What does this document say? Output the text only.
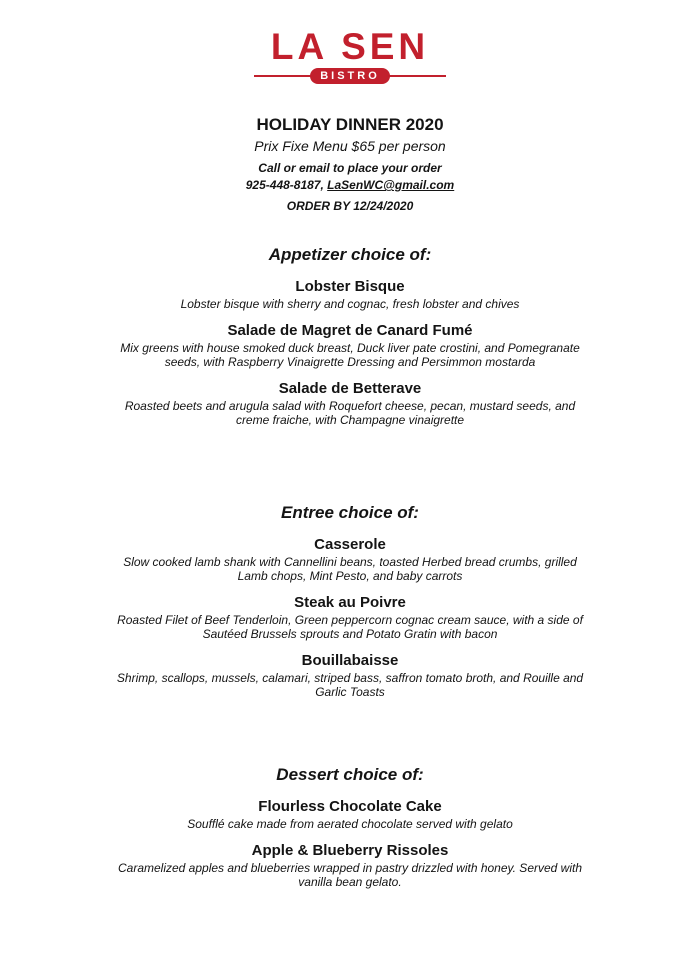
LA SEN
BISTRO
HOLIDAY DINNER 2020
Prix Fixe Menu $65 per person
Call or email to place your order
925-448-8187, LaSenWC@gmail.com
ORDER BY 12/24/2020
Appetizer choice of:
Lobster Bisque
Lobster bisque with sherry and cognac, fresh lobster and chives
Salade de Magret de Canard Fumé
Mix greens with house smoked duck breast, Duck liver pate crostini, and Pomegranate seeds, with Raspberry Vinaigrette Dressing and Persimmon mostarda
Salade de Betterave
Roasted beets and arugula salad with Roquefort cheese, pecan, mustard seeds, and creme fraiche, with Champagne vinaigrette
Entree choice of:
Casserole
Slow cooked lamb shank with Cannellini beans, toasted Herbed bread crumbs, grilled Lamb chops, Mint Pesto, and baby carrots
Steak au Poivre
Roasted Filet of Beef Tenderloin, Green peppercorn cognac cream sauce, with a side of Sautéed Brussels sprouts and Potato Gratin with bacon
Bouillabaisse
Shrimp, scallops, mussels, calamari, striped bass, saffron tomato broth, and Rouille and Garlic Toasts
Dessert choice of:
Flourless Chocolate Cake
Soufflé cake made from aerated chocolate served with gelato
Apple & Blueberry Rissoles
Caramelized apples and blueberries wrapped in pastry drizzled with honey. Served with vanilla bean gelato.
